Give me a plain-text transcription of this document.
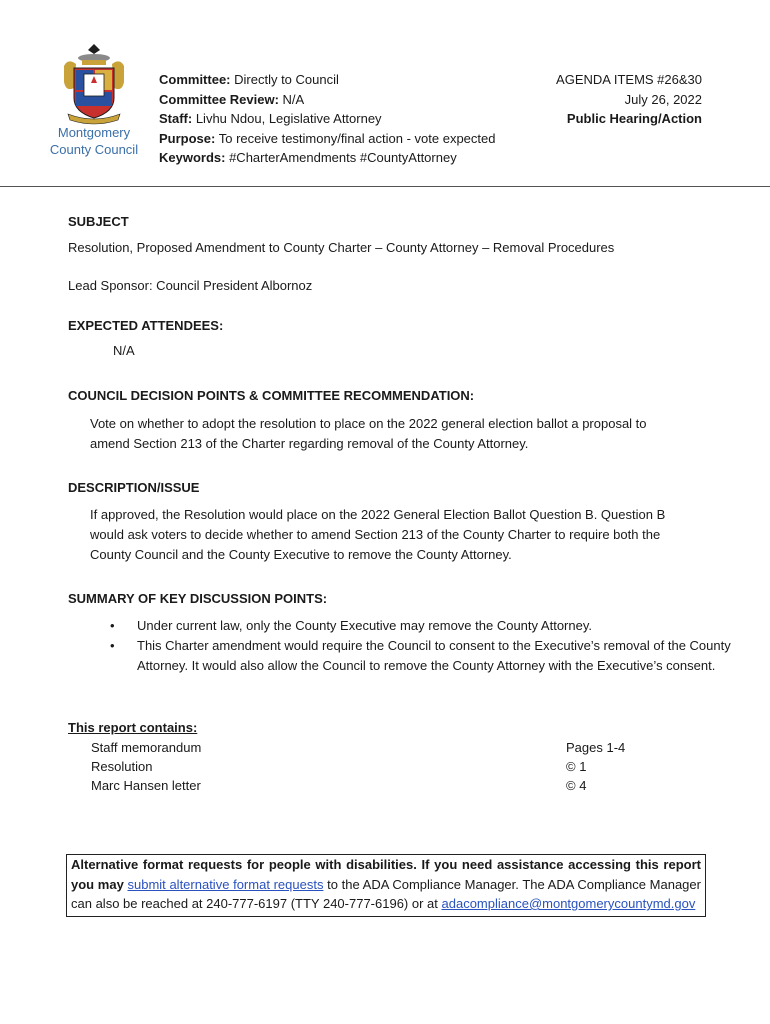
Montgomery
County Council
Committee: Directly to Council
Committee Review: N/A
Staff: Livhu Ndou, Legislative Attorney
Purpose: To receive testimony/final action - vote expected
Keywords: #CharterAmendments #CountyAttorney
AGENDA ITEMS #26&30
July 26, 2022
Public Hearing/Action
SUBJECT
Resolution, Proposed Amendment to County Charter – County Attorney – Removal Procedures
Lead Sponsor: Council President Albornoz
EXPECTED ATTENDEES:
N/A
COUNCIL DECISION POINTS & COMMITTEE RECOMMENDATION:
Vote on whether to adopt the resolution to place on the 2022 general election ballot a proposal to
amend Section 213 of the Charter regarding removal of the County Attorney.
DESCRIPTION/ISSUE
If approved, the Resolution would place on the 2022 General Election Ballot Question B. Question B
would ask voters to decide whether to amend Section 213 of the County Charter to require both the
County Council and the County Executive to remove the County Attorney.
SUMMARY OF KEY DISCUSSION POINTS:
• Under current law, only the County Executive may remove the County Attorney.
• This Charter amendment would require the Council to consent to the Executive’s removal of the County Attorney. It would also allow the Council to remove the County Attorney with the Executive’s consent.
This report contains:
Staff memorandum	Pages 1-4
Resolution	© 1
Marc Hansen letter	© 4
Alternative format requests for people with disabilities. If you need assistance accessing this report you may submit alternative format requests to the ADA Compliance Manager. The ADA Compliance Manager can also be reached at 240-777-6197 (TTY 240-777-6196) or at adacompliance@montgomerycountymd.gov
